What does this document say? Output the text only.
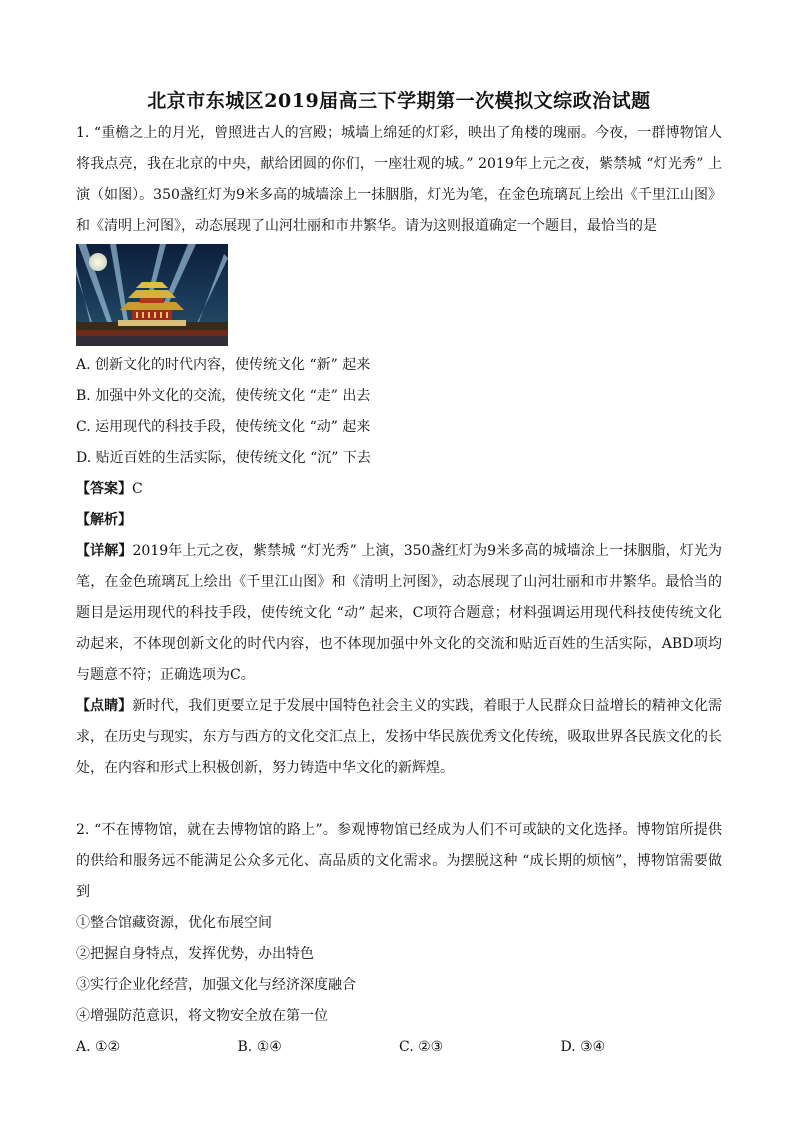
北京市东城区2019届高三下学期第一次模拟文综政治试题

1. “重檐之上的月光，曾照进古人的宫殿；城墙上绵延的灯彩，映出了角楼的瑰丽。今夜，一群博物馆人将我点亮，我在北京的中央，献给团圆的你们，一座壮观的城。” 2019年上元之夜，紫禁城 “灯光秀” 上演（如图）。350盏红灯为9米多高的城墙涂上一抹胭脂，灯光为笔，在金色琉璃瓦上绘出《千里江山图》和《清明上河图》，动态展现了山河壮丽和市井繁华。请为这则报道确定一个题目，最恰当的是

A. 创新文化的时代内容，使传统文化 “新” 起来

B. 加强中外文化的交流，使传统文化 “走” 出去

C. 运用现代的科技手段，使传统文化 “动” 起来

D. 贴近百姓的生活实际，使传统文化 “沉” 下去

【答案】C

【解析】

【详解】2019年上元之夜，紫禁城 “灯光秀” 上演，350盏红灯为9米多高的城墙涂上一抹胭脂，灯光为笔，在金色琉璃瓦上绘出《千里江山图》和《清明上河图》，动态展现了山河壮丽和市井繁华。最恰当的题目是运用现代的科技手段，使传统文化 “动” 起来，C项符合题意；材料强调运用现代科技使传统文化动起来，不体现创新文化的时代内容，也不体现加强中外文化的交流和贴近百姓的生活实际，ABD项均与题意不符；正确选项为C。

【点睛】新时代，我们更要立足于发展中国特色社会主义的实践，着眼于人民群众日益增长的精神文化需求，在历史与现实，东方与西方的文化交汇点上，发扬中华民族优秀文化传统，吸取世界各民族文化的长处，在内容和形式上积极创新，努力铸造中华文化的新辉煌。

2. “不在博物馆，就在去博物馆的路上”。参观博物馆已经成为人们不可或缺的文化选择。博物馆所提供的供给和服务远不能满足公众多元化、高品质的文化需求。为摆脱这种 “成长期的烦恼”，博物馆需要做到

①整合馆藏资源，优化布展空间

②把握自身特点，发挥优势，办出特色

③实行企业化经营，加强文化与经济深度融合

④增强防范意识，将文物安全放在第一位

A. ①②	B. ①④	C. ②③	D. ③④
